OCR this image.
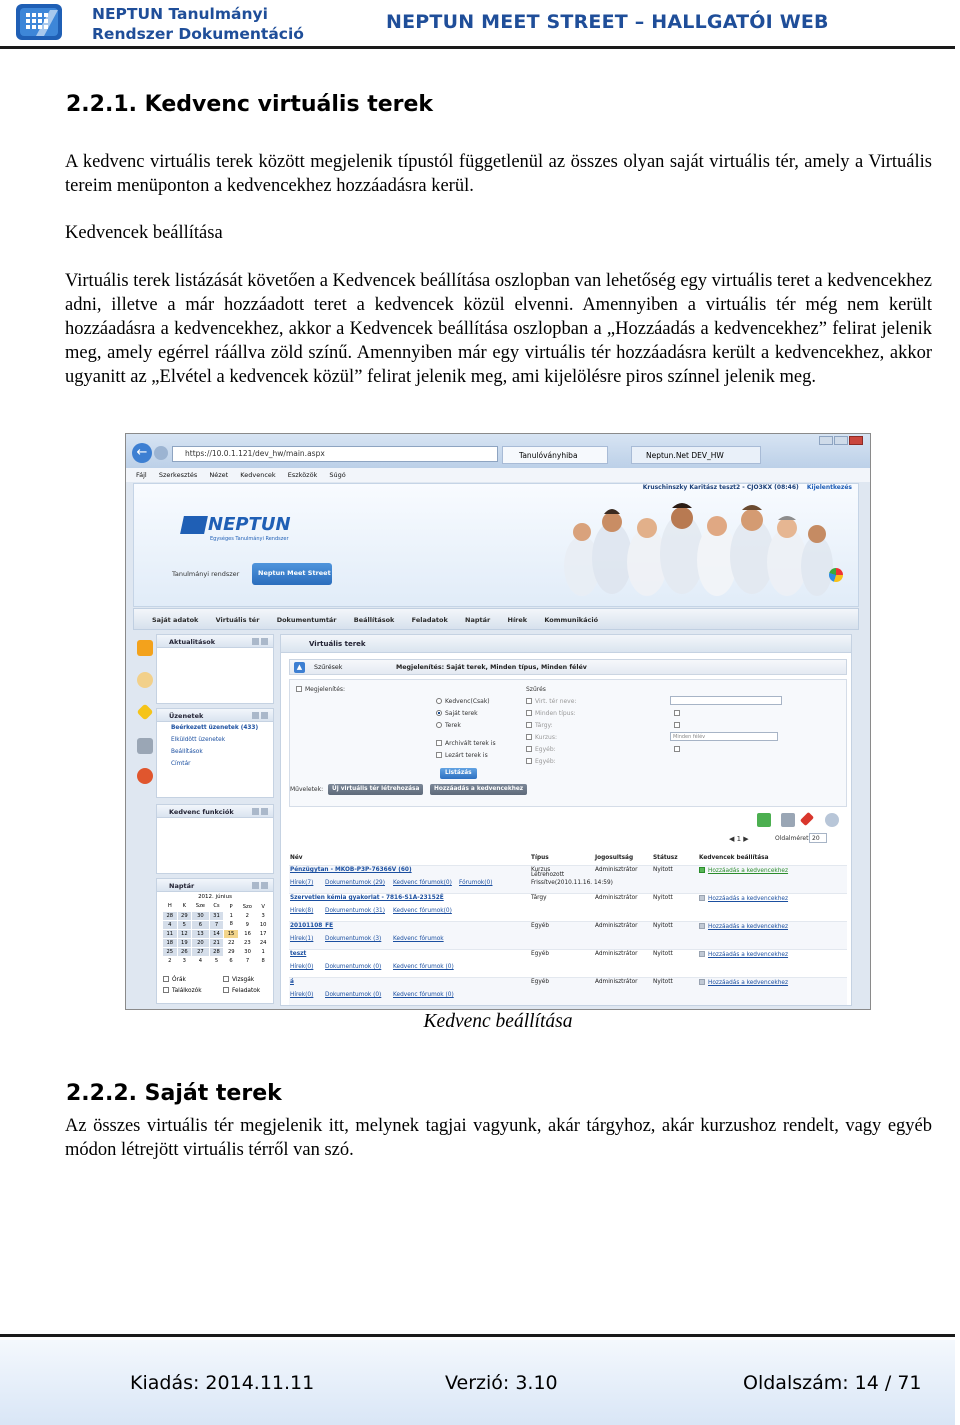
NEPTUN Tanulmányi
Rendszer Dokumentáció
NEPTUN MEET STREET – HALLGATÓI WEB
2.2.1. Kedvenc virtuális terek
A kedvenc virtuális terek között megjelenik típustól függetlenül az összes olyan saját virtuális tér, amely a Virtuális tereim menüponton a kedvencekhez hozzáadásra kerül.
Kedvencek beállítása
Virtuális terek listázását követően a Kedvencek beállítása oszlopban van lehetőség egy virtuális teret a kedvencekhez adni, illetve a már hozzáadott teret a kedvencek közül elvenni. Amennyiben a virtuális tér még nem került hozzáadásra a kedvencekhez, akkor a Kedvencek beállítása oszlopban a „Hozzáadás a kedvencekhez” felirat jelenik meg, amely egérrel ráállva zöld színű. Amennyiben már egy virtuális tér hozzáadásra került a kedvencekhez, akkor ugyanitt az „Elvétel a kedvencek közül” felirat jelenik meg, ami kijelölésre piros színnel jelenik meg.
←	https://10.0.1.121/dev_hw/main.aspx	Neptun.Net DEV_HW
Tanulóványhiba
Fájl Szerkesztés Nézet Kedvencek Eszközök Súgó
Kruschinszky Karitász teszt2 - CJO3KX (08:46) Kijelentkezés
NEPTUN
Egységes Tanulmányi Rendszer
Tanulmányi rendszer	Neptun Meet Street
Saját adatok	Virtuális tér	Dokumentumtár	Beállítások	Feladatok	Naptár	Hírek	Kommunikáció
Aktualitások
Üzenetek
Beérkezett üzenetek (433)
Elküldött üzenetek
Beállítások
Címtár
Kedvenc funkciók
Naptár
2012. június
H	K	Sze	Cs	P	Szo	V
28	29	30	31	1	2	3
4	5	6	7	8	9	10
11	12	13	14	15	16	17
18	19	20	21	22	23	24
25	26	27	28	29	30	1
2	3	4	5	6	7	8
Órák	Vizsgák
Találkozók	Feladatok
Virtuális terek
▲	Szűrések	Megjelenítés: Saját terek, Minden típus, Minden félév
Megjelenítés:
Kedvenc(Csak)
Saját terek
Terek
Archivált terek is
Lezárt terek is
Szűrés
Virt. tér neve:
Minden típus:
Tárgy:
Kurzus:
Egyéb:
Egyéb:
Minden félév
Listázás
Műveletek:	Új virtuális tér létrehozása	Hozzáadás a kedvencekhez
◀ 1 ▶	Oldalméret 20
Név	Típus	Jogosultság	Státusz	Kedvencek beállítása
Pénzügytan - MKOB-P3P-76366V (60)
Hírek(7) Dokumentumok (29) Kedvenc fórumok(0) Fórumok(0)
Létrehozott
Frissítve(2010.11.16. 14:59)
Kurzus	Adminisztrátor	Nyitott	Hozzáadás a kedvencekhez
Szervetlen kémia gyakorlat - 7816-S1A-23152É
Hírek(8) Dokumentumok (31) Kedvenc fórumok(0)
Tárgy	Adminisztrátor	Nyitott	Hozzáadás a kedvencekhez
20101108_FE
Hírek(1) Dokumentumok (3) Kedvenc fórumok
Egyéb	Adminisztrátor	Nyitott	Hozzáadás a kedvencekhez
teszt
Hírek(0) Dokumentumok (0) Kedvenc fórumok (0)
Egyéb	Adminisztrátor	Nyitott	Hozzáadás a kedvencekhez
á
Hírek(0) Dokumentumok (0) Kedvenc fórumok (0)
Egyéb	Adminisztrátor	Nyitott	Hozzáadás a kedvencekhez
Kedvenc beállítása
2.2.2. Saját terek
Az összes virtuális tér megjelenik itt, melynek tagjai vagyunk, akár tárgyhoz, akár kurzushoz rendelt, vagy egyéb módon létrejött virtuális térről van szó.
Kiadás: 2014.11.11	Verzió: 3.10	Oldalszám: 14 / 71
